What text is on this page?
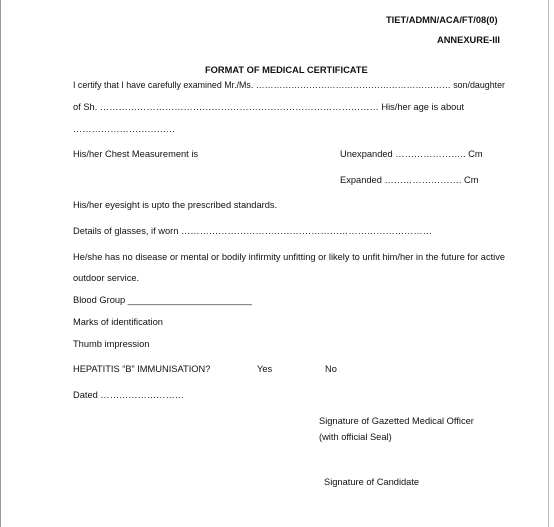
TIET/ADMN/ACA/FT/08(0)
ANNEXURE-III
FORMAT OF MEDICAL CERTIFICATE
I certify that I have carefully examined Mr./Ms. ………………………………………………………… son/daughter
of Sh. ……………………………………………………………………………… His/her age is about
……………………………
His/her Chest Measurement is	Unexpanded ………………….. Cm
Expanded ……………………. Cm
His/her eyesight is upto the prescribed standards.
Details of glasses, if worn ………………………………………………………………………
He/she has no disease or mental or bodily infirmity unfitting or likely to unfit him/her in the future for active
outdoor service.
Blood Group ________________________
Marks of identification
Thumb impression
HEPATITIS “B” IMMUNISATION?	Yes	No
Dated ………………………
Signature of Gazetted Medical Officer
(with official Seal)
Signature of Candidate
